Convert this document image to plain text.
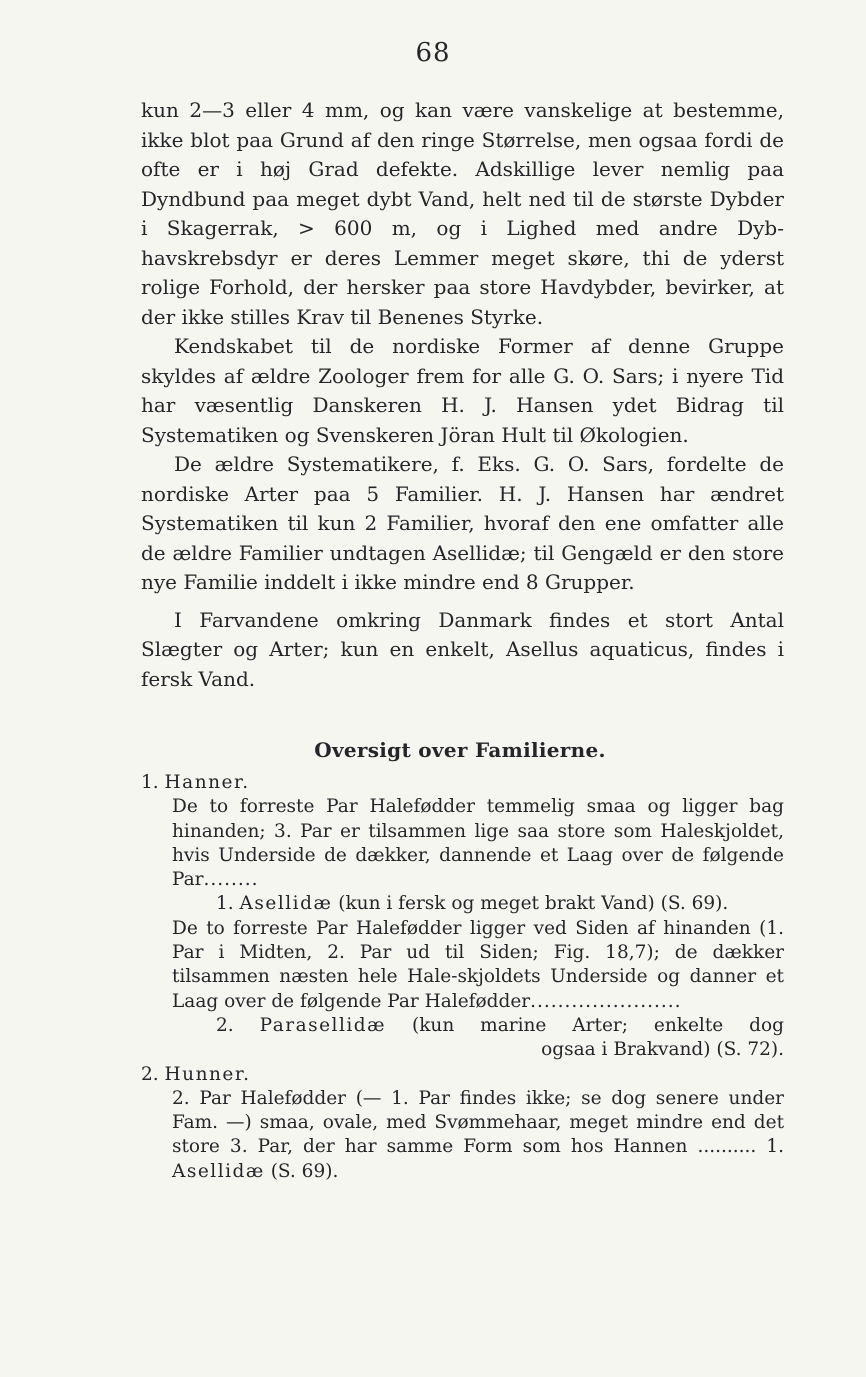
68

kun 2—3 eller 4 mm, og kan være vanskelige at bestemme, ikke blot paa Grund af den ringe Størrelse, men ogsaa fordi de ofte er i høj Grad defekte. Adskillige lever nemlig paa Dyndbund paa meget dybt Vand, helt ned til de største Dybder i Skagerrak, > 600 m, og i Lighed med andre Dyb-havskrebsdyr er deres Lemmer meget skøre, thi de yderst rolige Forhold, der hersker paa store Havdybder, bevirker, at der ikke stilles Krav til Benenes Styrke.

Kendskabet til de nordiske Former af denne Gruppe skyldes af ældre Zoologer frem for alle G. O. Sars; i nyere Tid har væsentlig Danskeren H. J. Hansen ydet Bidrag til Systematiken og Svenskeren Jöran Hult til Økologien.

De ældre Systematikere, f. Eks. G. O. Sars, fordelte de nordiske Arter paa 5 Familier. H. J. Hansen har ændret Systematiken til kun 2 Familier, hvoraf den ene omfatter alle de ældre Familier undtagen Asellidæ; til Gengæld er den store nye Familie inddelt i ikke mindre end 8 Grupper.

I Farvandene omkring Danmark findes et stort Antal Slægter og Arter; kun en enkelt, Asellus aquaticus, findes i fersk Vand.

Oversigt over Familierne.

1. Hanner.

De to forreste Par Halefødder temmelig smaa og ligger bag hinanden; 3. Par er tilsammen lige saa store som Haleskjoldet, hvis Underside de dækker, dannende et Laag over de følgende Par........

1. Asellidæ (kun i fersk og meget brakt Vand) (S. 69).

De to forreste Par Halefødder ligger ved Siden af hinanden (1. Par i Midten, 2. Par ud til Siden; Fig. 18,7); de dækker tilsammen næsten hele Hale-skjoldets Underside og danner et Laag over de følgende Par Halefødder......................

2. Parasellidæ (kun marine Arter; enkelte dog

ogsaa i Brakvand) (S. 72).

2. Hunner.

2. Par Halefødder (— 1. Par findes ikke; se dog senere under Fam. —) smaa, ovale, med Svømmehaar, meget mindre end det store 3. Par, der har samme Form som hos Hannen .......... 1. Asellidæ (S. 69).
